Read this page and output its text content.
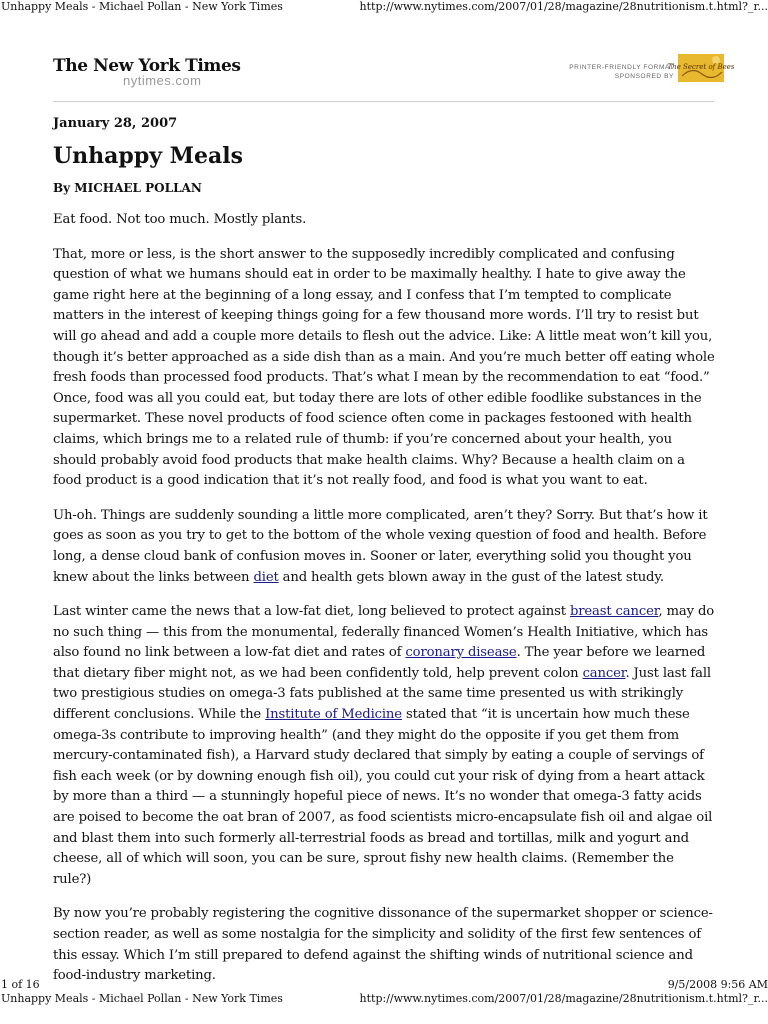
Unhappy Meals - Michael Pollan - New York Times	http://www.nytimes.com/2007/01/28/magazine/28nutritionism.t.html?_r...
The New York Times
nytimes.com
PRINTER-FRIENDLY FORMAT
SPONSORED BY
The Secret of Bees
January 28, 2007
Unhappy Meals
By MICHAEL POLLAN

Eat food. Not too much. Mostly plants.

That, more or less, is the short answer to the supposedly incredibly complicated and confusing question of what we humans should eat in order to be maximally healthy. I hate to give away the game right here at the beginning of a long essay, and I confess that I’m tempted to complicate matters in the interest of keeping things going for a few thousand more words. I’ll try to resist but will go ahead and add a couple more details to flesh out the advice. Like: A little meat won’t kill you, though it’s better approached as a side dish than as a main. And you’re much better off eating whole fresh foods than processed food products. That’s what I mean by the recommendation to eat “food.” Once, food was all you could eat, but today there are lots of other edible foodlike substances in the supermarket. These novel products of food science often come in packages festooned with health claims, which brings me to a related rule of thumb: if you’re concerned about your health, you should probably avoid food products that make health claims. Why? Because a health claim on a food product is a good indication that it’s not really food, and food is what you want to eat.

Uh-oh. Things are suddenly sounding a little more complicated, aren’t they? Sorry. But that’s how it goes as soon as you try to get to the bottom of the whole vexing question of food and health. Before long, a dense cloud bank of confusion moves in. Sooner or later, everything solid you thought you knew about the links between diet and health gets blown away in the gust of the latest study.

Last winter came the news that a low-fat diet, long believed to protect against breast cancer, may do no such thing — this from the monumental, federally financed Women’s Health Initiative, which has also found no link between a low-fat diet and rates of coronary disease. The year before we learned that dietary fiber might not, as we had been confidently told, help prevent colon cancer. Just last fall two prestigious studies on omega-3 fats published at the same time presented us with strikingly different conclusions. While the Institute of Medicine stated that “it is uncertain how much these omega-3s contribute to improving health” (and they might do the opposite if you get them from mercury-contaminated fish), a Harvard study declared that simply by eating a couple of servings of fish each week (or by downing enough fish oil), you could cut your risk of dying from a heart attack by more than a third — a stunningly hopeful piece of news. It’s no wonder that omega-3 fatty acids are poised to become the oat bran of 2007, as food scientists micro-encapsulate fish oil and algae oil and blast them into such formerly all-terrestrial foods as bread and tortillas, milk and yogurt and cheese, all of which will soon, you can be sure, sprout fishy new health claims. (Remember the rule?)

By now you’re probably registering the cognitive dissonance of the supermarket shopper or science-section reader, as well as some nostalgia for the simplicity and solidity of the first few sentences of this essay. Which I’m still prepared to defend against the shifting winds of nutritional science and food-industry marketing.

1 of 16	9/5/2008 9:56 AM
Unhappy Meals - Michael Pollan - New York Times	http://www.nytimes.com/2007/01/28/magazine/28nutritionism.t.html?_r...
